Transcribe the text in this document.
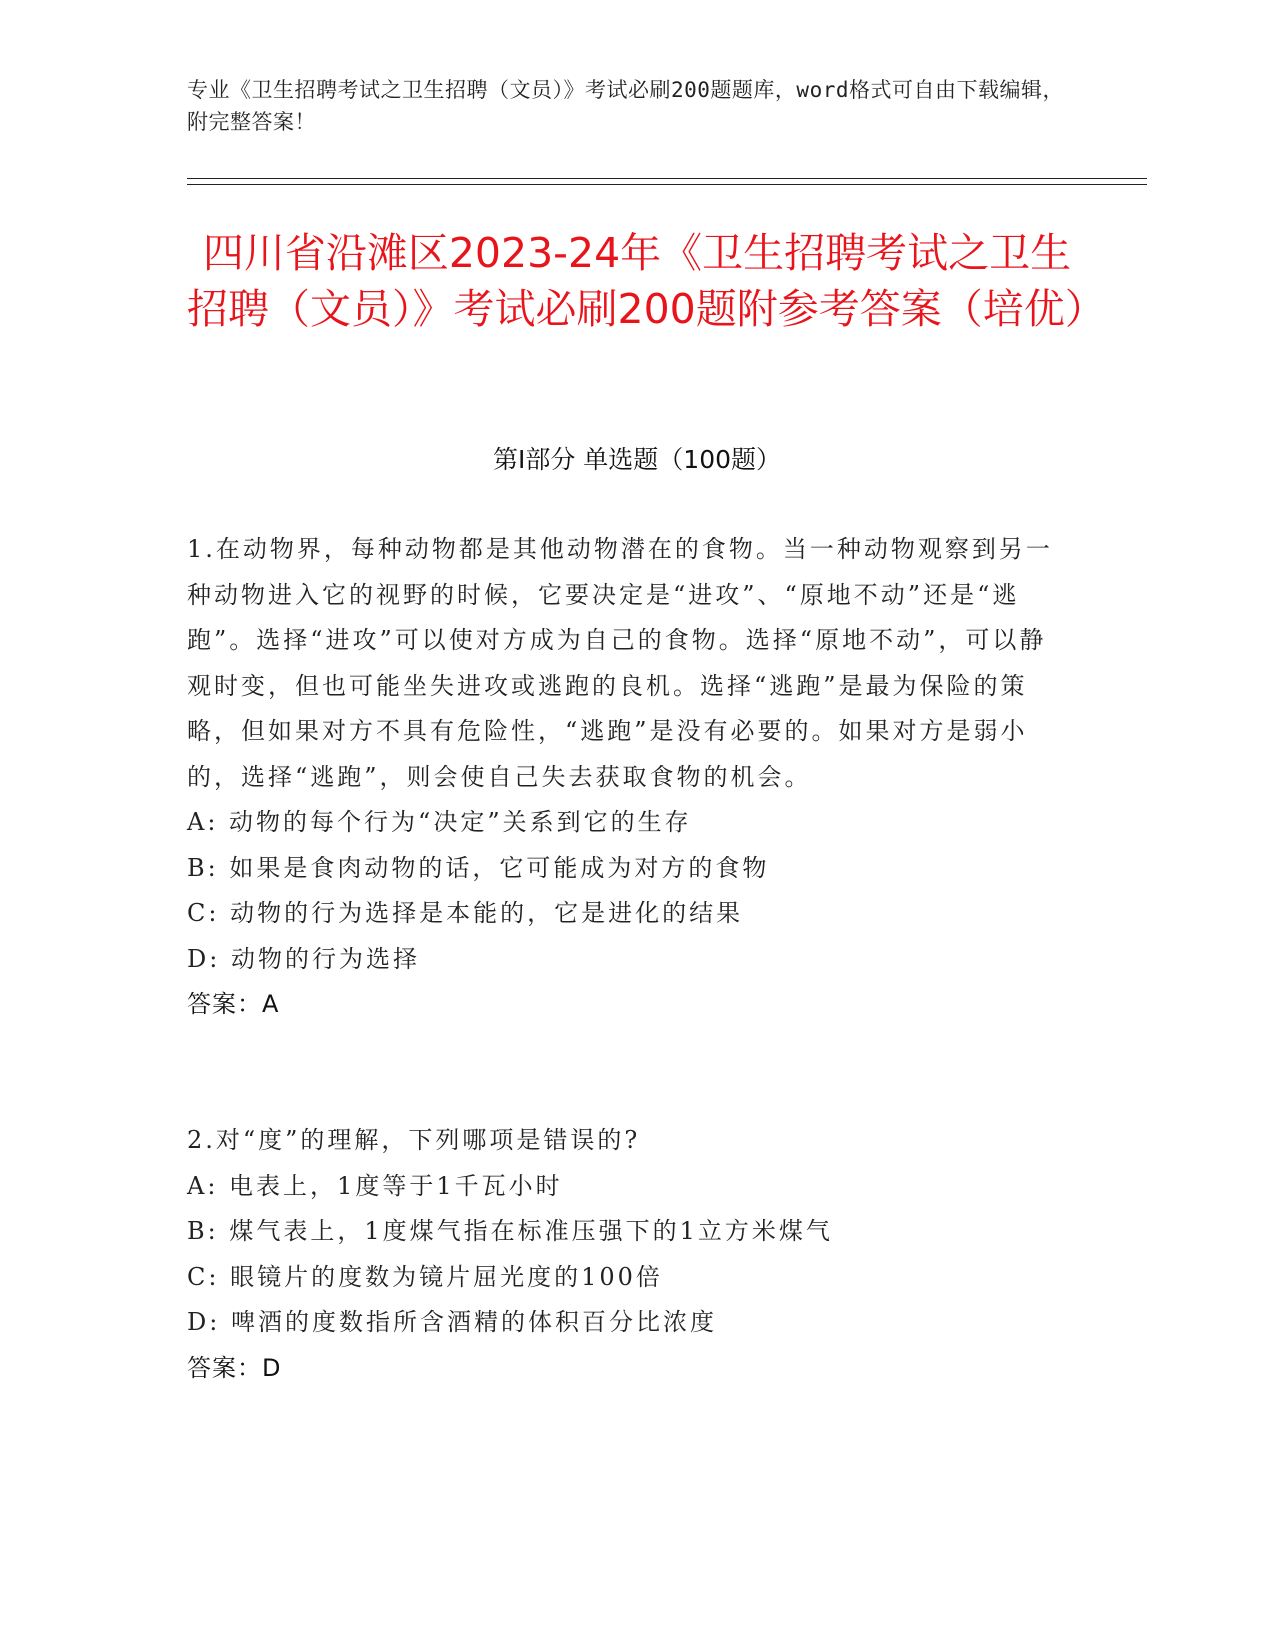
专业《卫生招聘考试之卫生招聘（文员）》考试必刷200题题库，word格式可自由下载编辑，附完整答案！
四川省沿滩区2023-24年《卫生招聘考试之卫生招聘（文员）》考试必刷200题附参考答案（培优）
第Ⅰ部分 单选题（100题）

1.在动物界，每种动物都是其他动物潜在的食物。当一种动物观察到另一种动物进入它的视野的时候，它要决定是“进攻”、“原地不动”还是“逃跑”。选择“进攻”可以使对方成为自己的食物。选择“原地不动”，可以静观时变，但也可能坐失进攻或逃跑的良机。选择“逃跑”是最为保险的策略，但如果对方不具有危险性，“逃跑”是没有必要的。如果对方是弱小的，选择“逃跑”，则会使自己失去获取食物的机会。

A: 动物的每个行为“决定”关系到它的生存

B: 如果是食肉动物的话，它可能成为对方的食物

C: 动物的行为选择是本能的，它是进化的结果

D: 动物的行为选择

答案：A

2.对“度”的理解，下列哪项是错误的?

A: 电表上，1度等于1千瓦小时

B: 煤气表上，1度煤气指在标准压强下的1立方米煤气

C: 眼镜片的度数为镜片屈光度的100倍

D: 啤酒的度数指所含酒精的体积百分比浓度

答案：D
